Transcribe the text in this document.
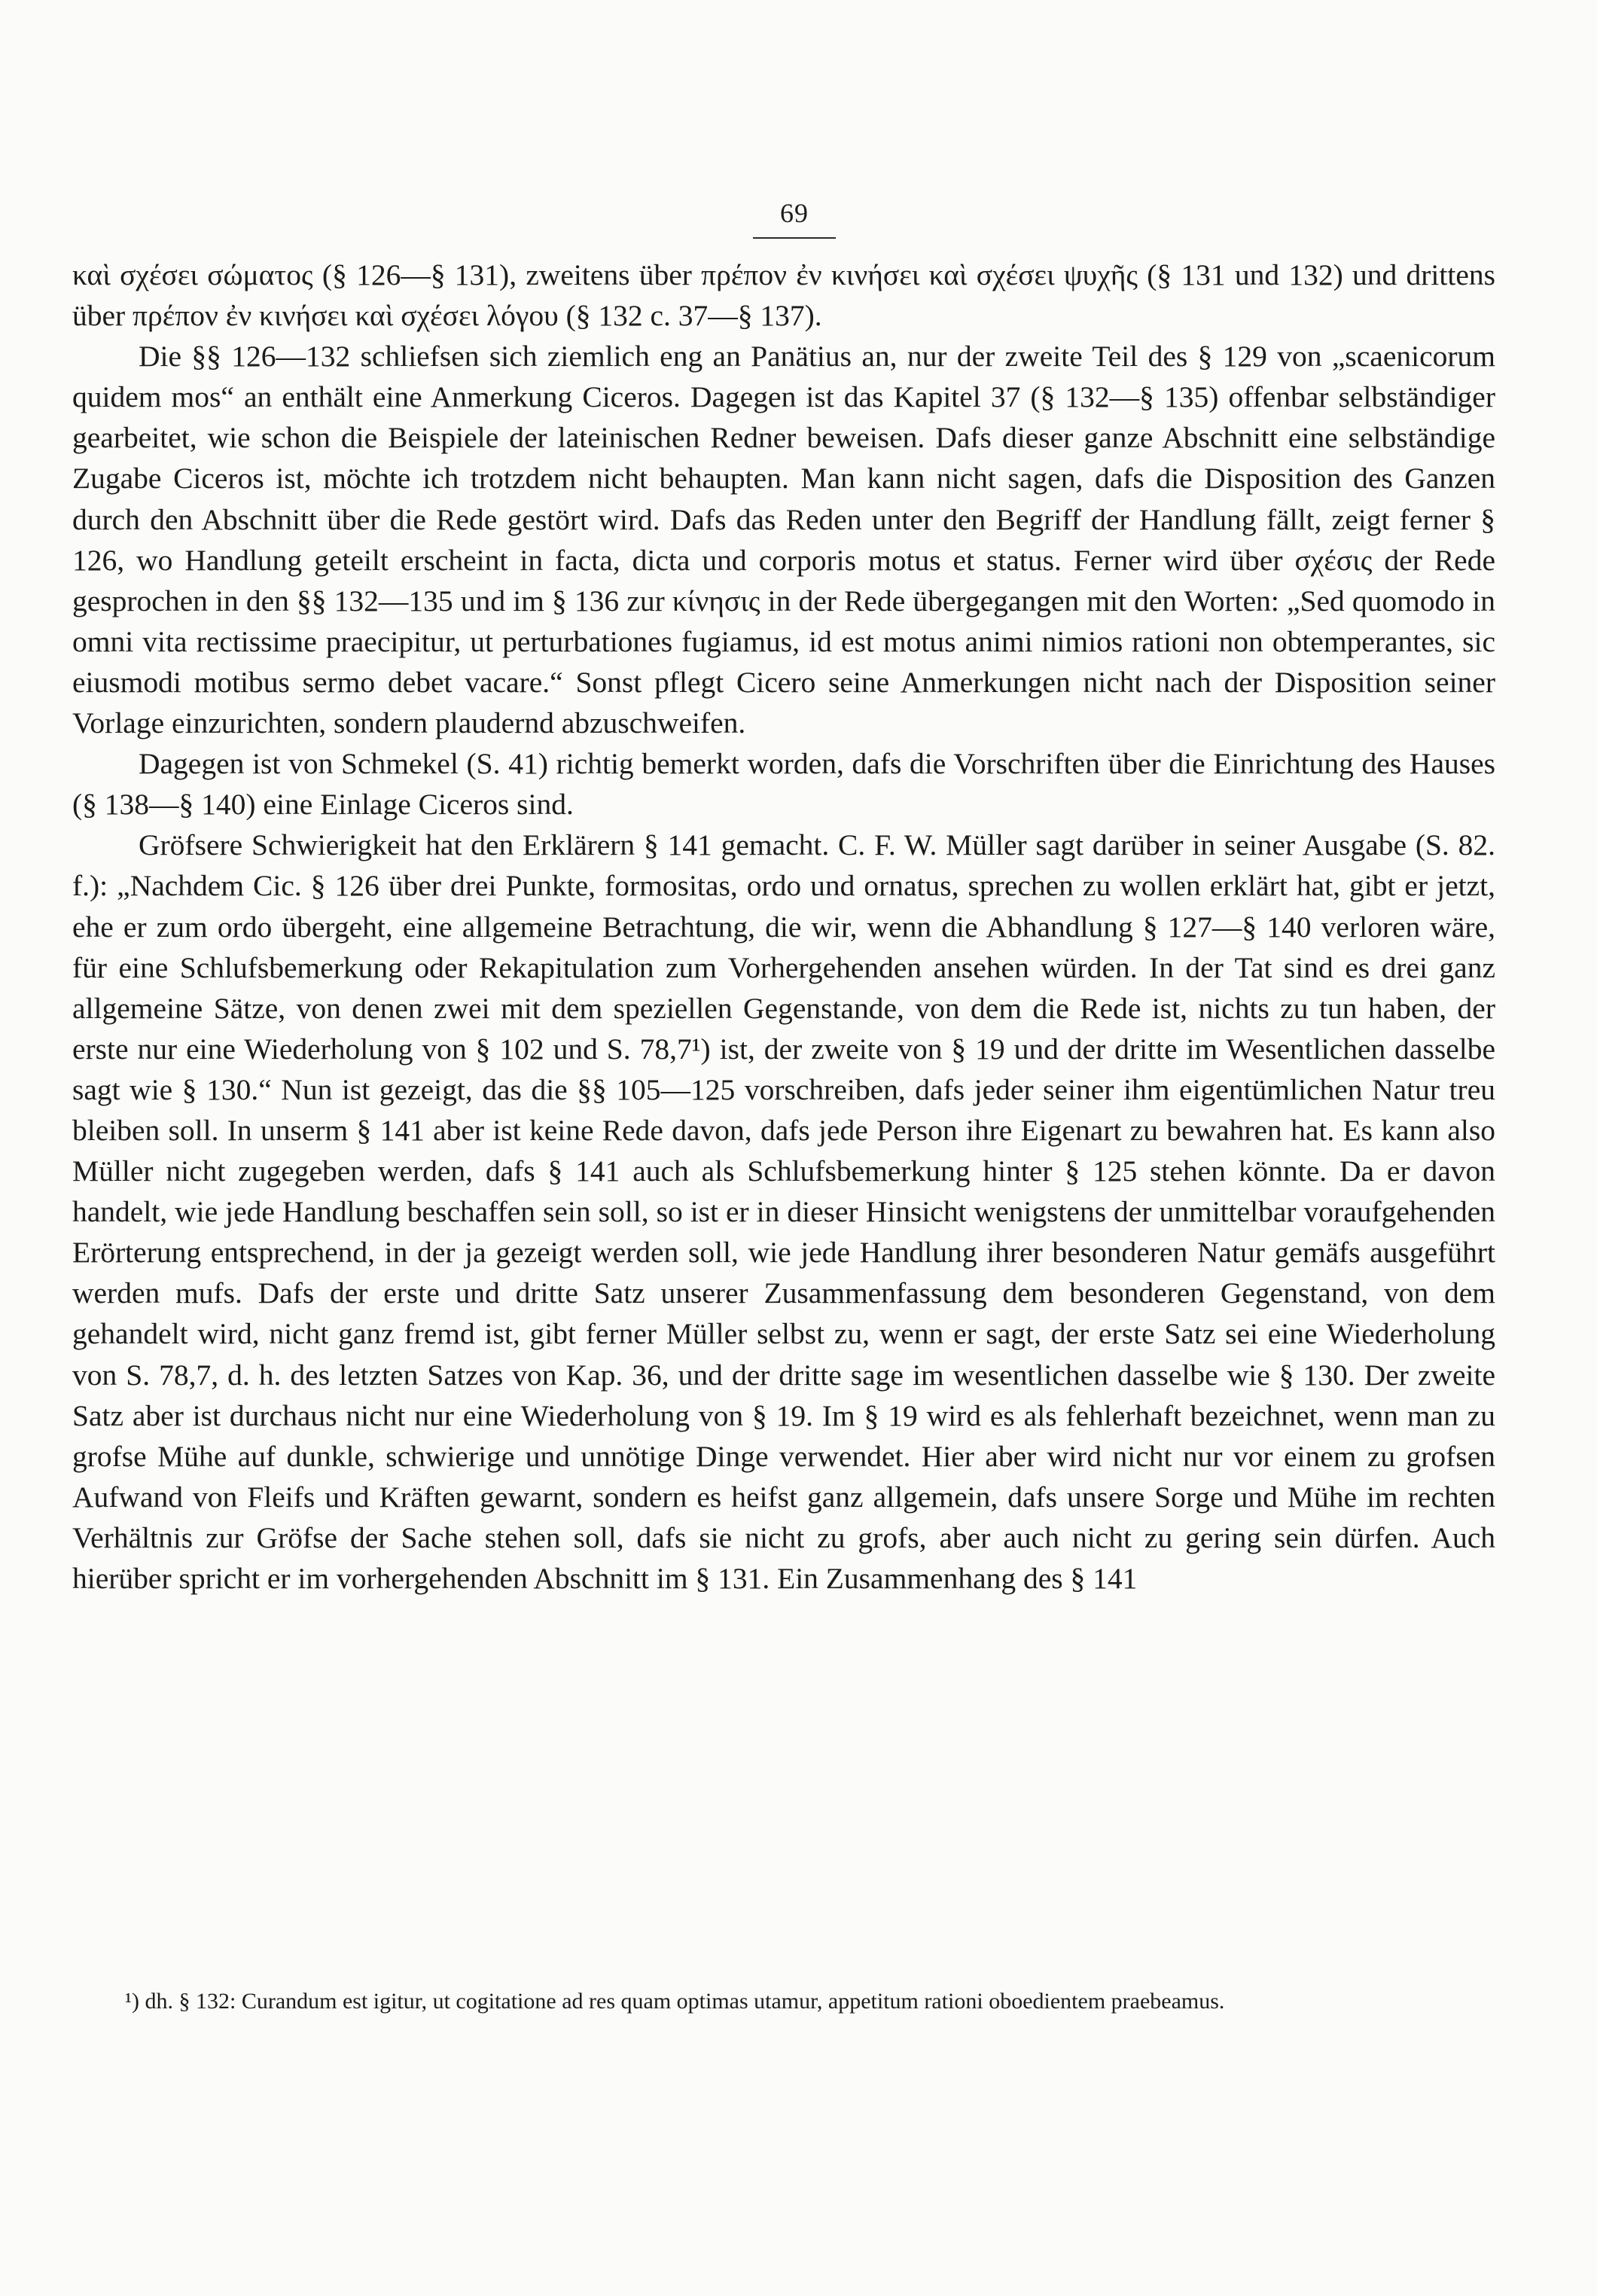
69

καὶ σχέσει σώματος (§ 126—§ 131), zweitens über πρέπον ἐν κινήσει καὶ σχέσει ψυχῆς (§ 131 und 132) und drittens über πρέπον ἐν κινήσει καὶ σχέσει λόγου (§ 132 c. 37—§ 137).

Die §§ 126—132 schliefsen sich ziemlich eng an Panätius an, nur der zweite Teil des § 129 von „scaenicorum quidem mos“ an enthält eine Anmerkung Ciceros. Dagegen ist das Kapitel 37 (§ 132—§ 135) offenbar selbständiger gearbeitet, wie schon die Beispiele der lateinischen Redner beweisen. Dafs dieser ganze Abschnitt eine selbständige Zugabe Ciceros ist, möchte ich trotzdem nicht behaupten. Man kann nicht sagen, dafs die Disposition des Ganzen durch den Abschnitt über die Rede gestört wird. Dafs das Reden unter den Begriff der Handlung fällt, zeigt ferner § 126, wo Handlung geteilt erscheint in facta, dicta und corporis motus et status. Ferner wird über σχέσις der Rede gesprochen in den §§ 132—135 und im § 136 zur κίνησις in der Rede übergegangen mit den Worten: „Sed quomodo in omni vita rectissime praecipitur, ut perturbationes fugiamus, id est motus animi nimios rationi non obtemperantes, sic eiusmodi motibus sermo debet vacare.“ Sonst pflegt Cicero seine Anmerkungen nicht nach der Disposition seiner Vorlage einzurichten, sondern plaudernd abzuschweifen.

Dagegen ist von Schmekel (S. 41) richtig bemerkt worden, dafs die Vorschriften über die Einrichtung des Hauses (§ 138—§ 140) eine Einlage Ciceros sind.

Gröfsere Schwierigkeit hat den Erklärern § 141 gemacht. C. F. W. Müller sagt darüber in seiner Ausgabe (S. 82. f.): „Nachdem Cic. § 126 über drei Punkte, formositas, ordo und ornatus, sprechen zu wollen erklärt hat, gibt er jetzt, ehe er zum ordo übergeht, eine allgemeine Betrachtung, die wir, wenn die Abhandlung § 127—§ 140 verloren wäre, für eine Schlufsbemerkung oder Rekapitulation zum Vorhergehenden ansehen würden. In der Tat sind es drei ganz allgemeine Sätze, von denen zwei mit dem speziellen Gegenstande, von dem die Rede ist, nichts zu tun haben, der erste nur eine Wiederholung von § 102 und S. 78,7¹) ist, der zweite von § 19 und der dritte im Wesentlichen dasselbe sagt wie § 130.“ Nun ist gezeigt, das die §§ 105—125 vorschreiben, dafs jeder seiner ihm eigentümlichen Natur treu bleiben soll. In unserm § 141 aber ist keine Rede davon, dafs jede Person ihre Eigenart zu bewahren hat. Es kann also Müller nicht zugegeben werden, dafs § 141 auch als Schlufsbemerkung hinter § 125 stehen könnte. Da er davon handelt, wie jede Handlung beschaffen sein soll, so ist er in dieser Hinsicht wenigstens der unmittelbar voraufgehenden Erörterung entsprechend, in der ja gezeigt werden soll, wie jede Handlung ihrer besonderen Natur gemäfs ausgeführt werden mufs. Dafs der erste und dritte Satz unserer Zusammenfassung dem besonderen Gegenstand, von dem gehandelt wird, nicht ganz fremd ist, gibt ferner Müller selbst zu, wenn er sagt, der erste Satz sei eine Wiederholung von S. 78,7, d. h. des letzten Satzes von Kap. 36, und der dritte sage im wesentlichen dasselbe wie § 130. Der zweite Satz aber ist durchaus nicht nur eine Wiederholung von § 19. Im § 19 wird es als fehlerhaft bezeichnet, wenn man zu grofse Mühe auf dunkle, schwierige und unnötige Dinge verwendet. Hier aber wird nicht nur vor einem zu grofsen Aufwand von Fleifs und Kräften gewarnt, sondern es heifst ganz allgemein, dafs unsere Sorge und Mühe im rechten Verhältnis zur Gröfse der Sache stehen soll, dafs sie nicht zu grofs, aber auch nicht zu gering sein dürfen. Auch hierüber spricht er im vorhergehenden Abschnitt im § 131. Ein Zusammenhang des § 141

¹) dh. § 132: Curandum est igitur, ut cogitatione ad res quam optimas utamur, appetitum rationi oboedientem praebeamus.
